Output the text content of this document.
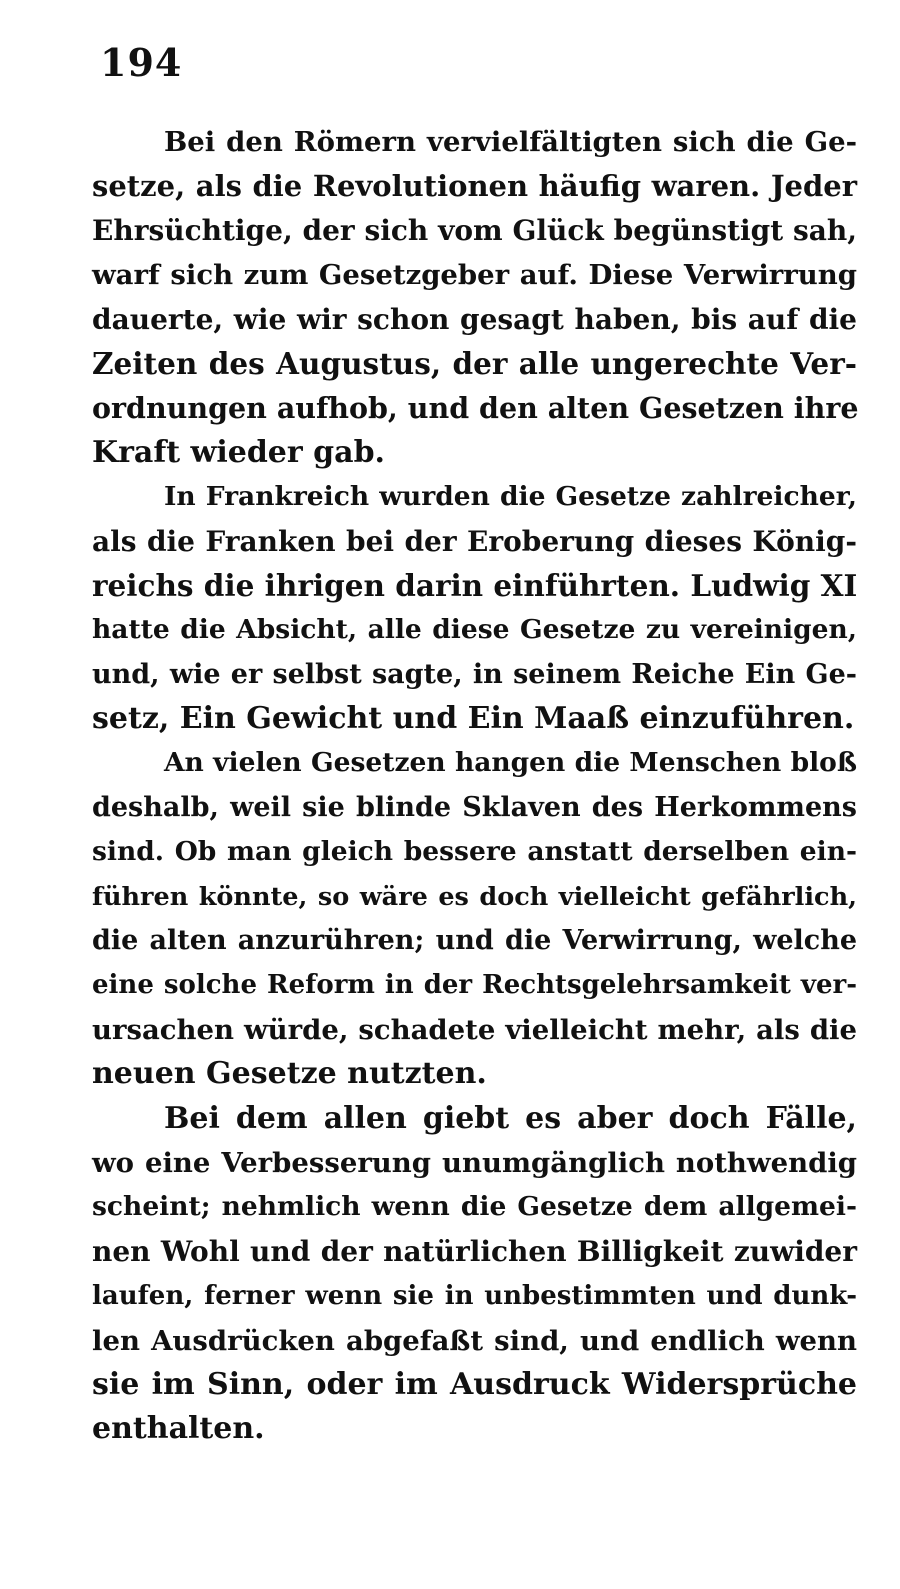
194
Bei den Römern vervielfältigten sich die Ge-
setze, als die Revolutionen häufig waren. Jeder
Ehrsüchtige, der sich vom Glück begünstigt sah,
warf sich zum Gesetzgeber auf. Diese Verwirrung
dauerte, wie wir schon gesagt haben, bis auf die
Zeiten des Augustus, der alle ungerechte Ver-
ordnungen aufhob, und den alten Gesetzen ihre
Kraft wieder gab.
In Frankreich wurden die Gesetze zahlreicher,
als die Franken bei der Eroberung dieses König-
reichs die ihrigen darin einführten. Ludwig XI
hatte die Absicht, alle diese Gesetze zu vereinigen,
und, wie er selbst sagte, in seinem Reiche Ein Ge-
setz, Ein Gewicht und Ein Maaß einzuführen.
An vielen Gesetzen hangen die Menschen bloß
deshalb, weil sie blinde Sklaven des Herkommens
sind. Ob man gleich bessere anstatt derselben ein-
führen könnte, so wäre es doch vielleicht gefährlich,
die alten anzurühren; und die Verwirrung, welche
eine solche Reform in der Rechtsgelehrsamkeit ver-
ursachen würde, schadete vielleicht mehr, als die
neuen Gesetze nutzten.
Bei dem allen giebt es aber doch Fälle,
wo eine Verbesserung unumgänglich nothwendig
scheint; nehmlich wenn die Gesetze dem allgemei-
nen Wohl und der natürlichen Billigkeit zuwider
laufen, ferner wenn sie in unbestimmten und dunk-
len Ausdrücken abgefaßt sind, und endlich wenn
sie im Sinn, oder im Ausdruck Widersprüche
enthalten.
